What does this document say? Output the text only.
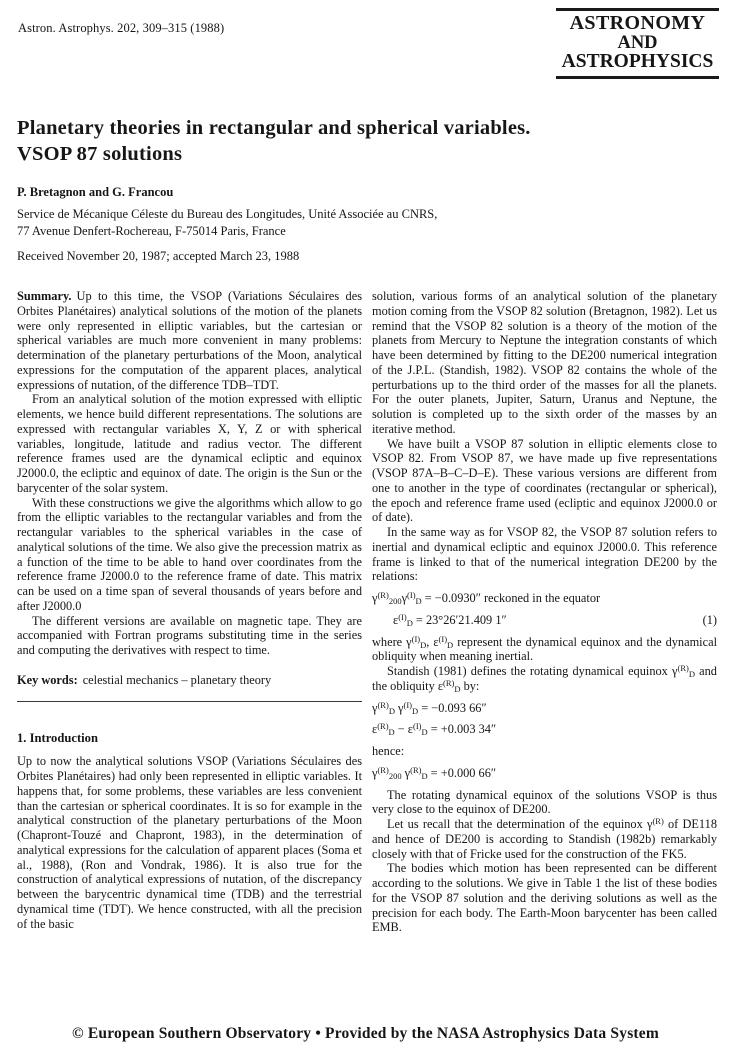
Astron. Astrophys. 202, 309–315 (1988)	ASTRONOMY
AND
ASTROPHYSICS
Planetary theories in rectangular and spherical variables.
VSOP 87 solutions
P. Bretagnon and G. Francou
Service de Mécanique Céleste du Bureau des Longitudes, Unité Associée au CNRS,
77 Avenue Denfert-Rochereau, F-75014 Paris, France
Received November 20, 1987; accepted March 23, 1988

Summary. Up to this time, the VSOP (Variations Séculaires des Orbites Planétaires) analytical solutions of the motion of the planets were only represented in elliptic variables, but the cartesian or spherical variables are much more convenient in many problems: determination of the planetary perturbations of the Moon, analytical expressions for the computation of the apparent places, analytical expressions of nutation, of the difference TDB–TDT.

From an analytical solution of the motion expressed with elliptic elements, we hence build different representations. The solutions are expressed with rectangular variables X, Y, Z or with spherical variables, longitude, latitude and radius vector. The different reference frames used are the dynamical ecliptic and equinox J2000.0, the ecliptic and equinox of date. The origin is the Sun or the barycenter of the solar system.

With these constructions we give the algorithms which allow to go from the elliptic variables to the rectangular variables and from the rectangular variables to the spherical variables in the case of analytical solutions of the time. We also give the precession matrix as a function of the time to be able to hand over coordinates from the reference frame J2000.0 to the reference frame of date. This matrix can be used on a time span of several thousands of years before and after J2000.0

The different versions are available on magnetic tape. They are accompanied with Fortran programs substituting time in the series and computing the derivatives with respect to time.

Key words: celestial mechanics – planetary theory

1. Introduction

Up to now the analytical solutions VSOP (Variations Séculaires des Orbites Planétaires) had only been represented in elliptic variables. It happens that, for some problems, these variables are less convenient than the cartesian or spherical coordinates. It is so for example in the analytical construction of the planetary perturbations of the Moon (Chapront-Touzé and Chapront, 1983), in the determination of analytical expressions for the calculation of apparent places (Soma et al., 1988), (Ron and Vondrak, 1986). It is also true for the construction of analytical expressions of nutation, of the discrepancy between the barycentric dynamical time (TDB) and the terrestrial dynamical time (TDT). We hence constructed, with all the precision of the basic

solution, various forms of an analytical solution of the planetary motion coming from the VSOP 82 solution (Bretagnon, 1982). Let us remind that the VSOP 82 solution is a theory of the motion of the planets from Mercury to Neptune the integration constants of which have been determined by fitting to the DE200 numerical integration of the J.P.L. (Standish, 1982). VSOP 82 contains the whole of the perturbations up to the third order of the masses for all the planets. For the outer planets, Jupiter, Saturn, Uranus and Neptune, the solution is completed up to the sixth order of the masses by an iterative method.

We have built a VSOP 87 solution in elliptic elements close to VSOP 82. From VSOP 87, we have made up five representations (VSOP 87A–B–C–D–E). These various versions are different from one to another in the type of coordinates (rectangular or spherical), the epoch and reference frame used (ecliptic and equinox J2000.0 or of date).

In the same way as for VSOP 82, the VSOP 87 solution refers to inertial and dynamical ecliptic and equinox J2000.0. This reference frame is linked to that of the numerical integration DE200 by the relations:

$\gamma^{(R)}_{200}\gamma^{(I)}_D = -0.0930''$ reckoned in the equator
$\varepsilon^{(I)}_D = 23^\circ 26'21.409$ 1″	(1)

where $\gamma^{(I)}_D$, $\varepsilon^{(I)}_D$ represent the dynamical equinox and the dynamical obliquity when meaning inertial.

Standish (1981) defines the rotating dynamical equinox $\gamma^{(R)}_D$ and the obliquity $\varepsilon^{(R)}_D$ by:

$\gamma^{(R)}_D$ $\gamma^{(I)}_D = -0.093$ 66″
$\varepsilon^{(R)}_D - \varepsilon^{(I)}_D = +0.003$ 34″
hence:
$\gamma^{(R)}_{200}$ $\gamma^{(R)}_D = +0.000$ 66″

The rotating dynamical equinox of the solutions VSOP is thus very close to the equinox of DE200.

Let us recall that the determination of the equinox $\gamma^{(R)}$ of DE118 and hence of DE200 is according to Standish (1982b) remarkably closely with that of Fricke used for the construction of the FK5.

The bodies which motion has been represented can be different according to the solutions. We give in Table 1 the list of these bodies for the VSOP 87 solution and the deriving solutions as well as the precision for each body. The Earth-Moon barycenter has been called EMB.

© European Southern Observatory • Provided by the NASA Astrophysics Data System
